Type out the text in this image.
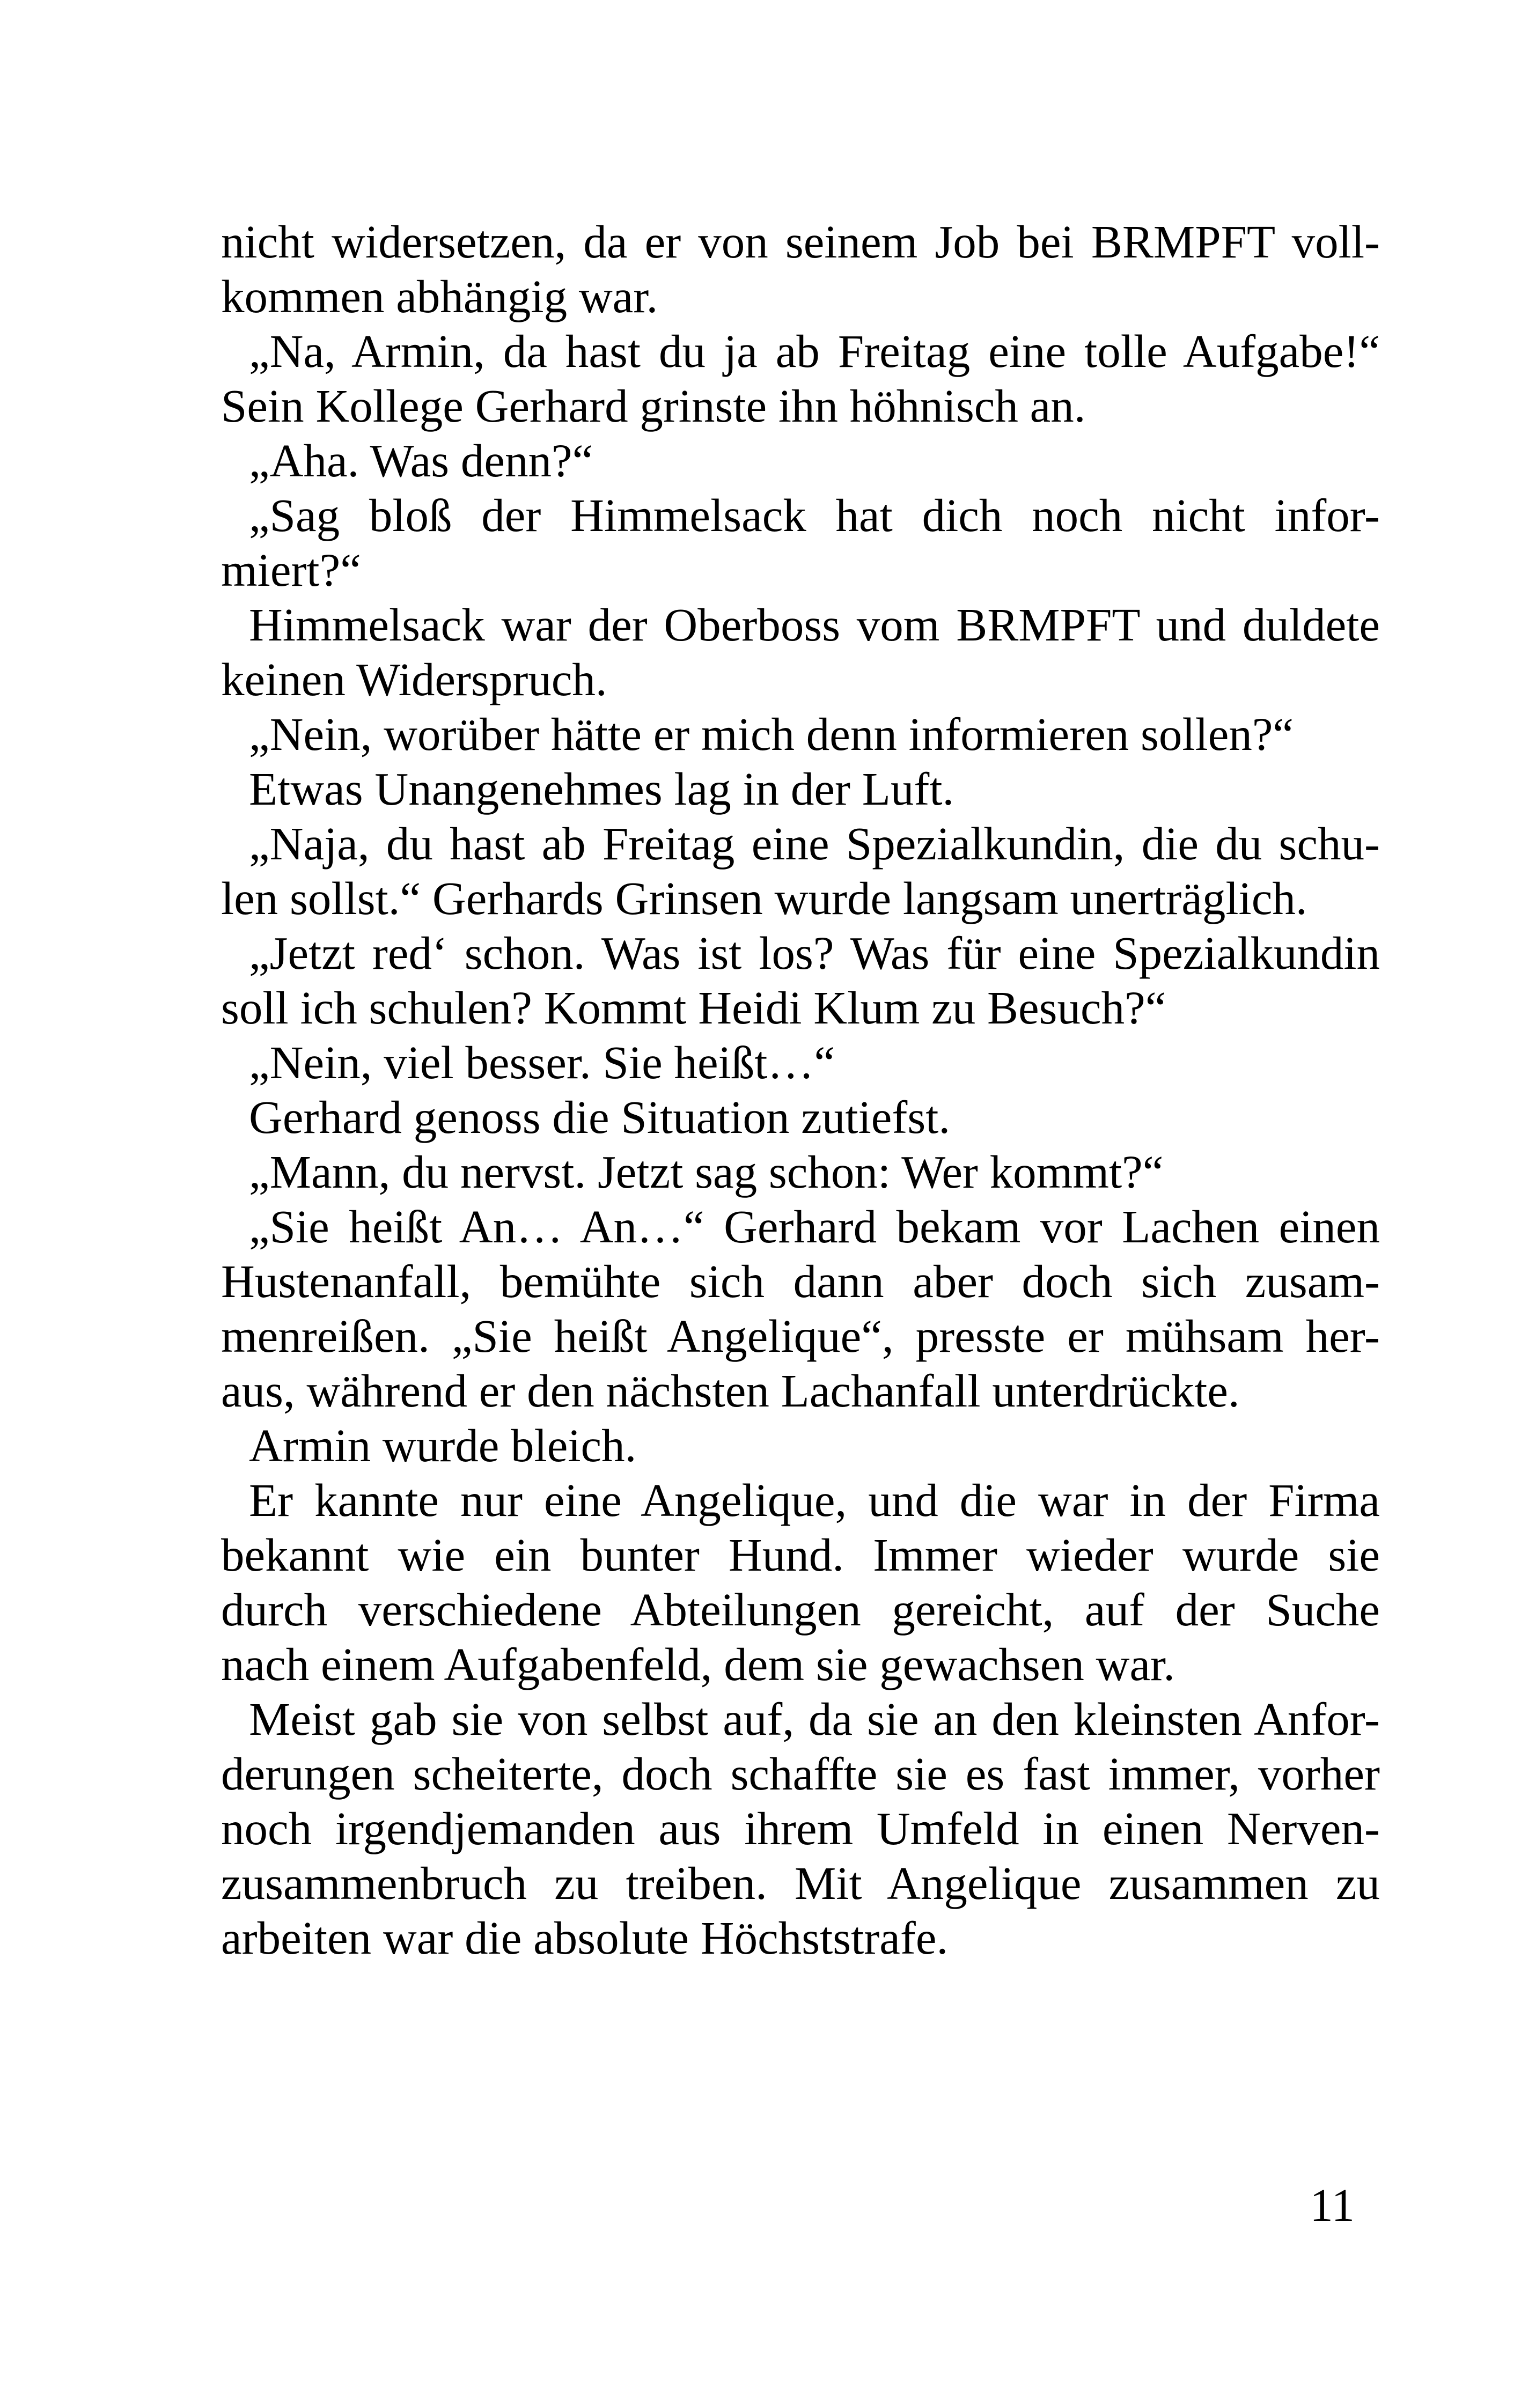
nicht widersetzen, da er von seinem Job bei BRMPFT voll-
kommen abhängig war.
„Na, Armin, da hast du ja ab Freitag eine tolle Aufgabe!“
Sein Kollege Gerhard grinste ihn höhnisch an.
„Aha. Was denn?“
„Sag bloß der Himmelsack hat dich noch nicht infor-
miert?“
Himmelsack war der Oberboss vom BRMPFT und duldete
keinen Widerspruch.
„Nein, worüber hätte er mich denn informieren sollen?“
Etwas Unangenehmes lag in der Luft.
„Naja, du hast ab Freitag eine Spezialkundin, die du schu-
len sollst.“ Gerhards Grinsen wurde langsam unerträglich.
„Jetzt red‘ schon. Was ist los? Was für eine Spezialkundin
soll ich schulen? Kommt Heidi Klum zu Besuch?“
„Nein, viel besser. Sie heißt…“
Gerhard genoss die Situation zutiefst.
„Mann, du nervst. Jetzt sag schon: Wer kommt?“
„Sie heißt An… An…“ Gerhard bekam vor Lachen einen
Hustenanfall, bemühte sich dann aber doch sich zusam-
menreißen. „Sie heißt Angelique“, presste er mühsam her-
aus, während er den nächsten Lachanfall unterdrückte.
Armin wurde bleich.
Er kannte nur eine Angelique, und die war in der Firma
bekannt wie ein bunter Hund. Immer wieder wurde sie
durch verschiedene Abteilungen gereicht, auf der Suche
nach einem Aufgabenfeld, dem sie gewachsen war.
Meist gab sie von selbst auf, da sie an den kleinsten Anfor-
derungen scheiterte, doch schaffte sie es fast immer, vorher
noch irgendjemanden aus ihrem Umfeld in einen Nerven-
zusammenbruch zu treiben. Mit Angelique zusammen zu
arbeiten war die absolute Höchststrafe.
11
